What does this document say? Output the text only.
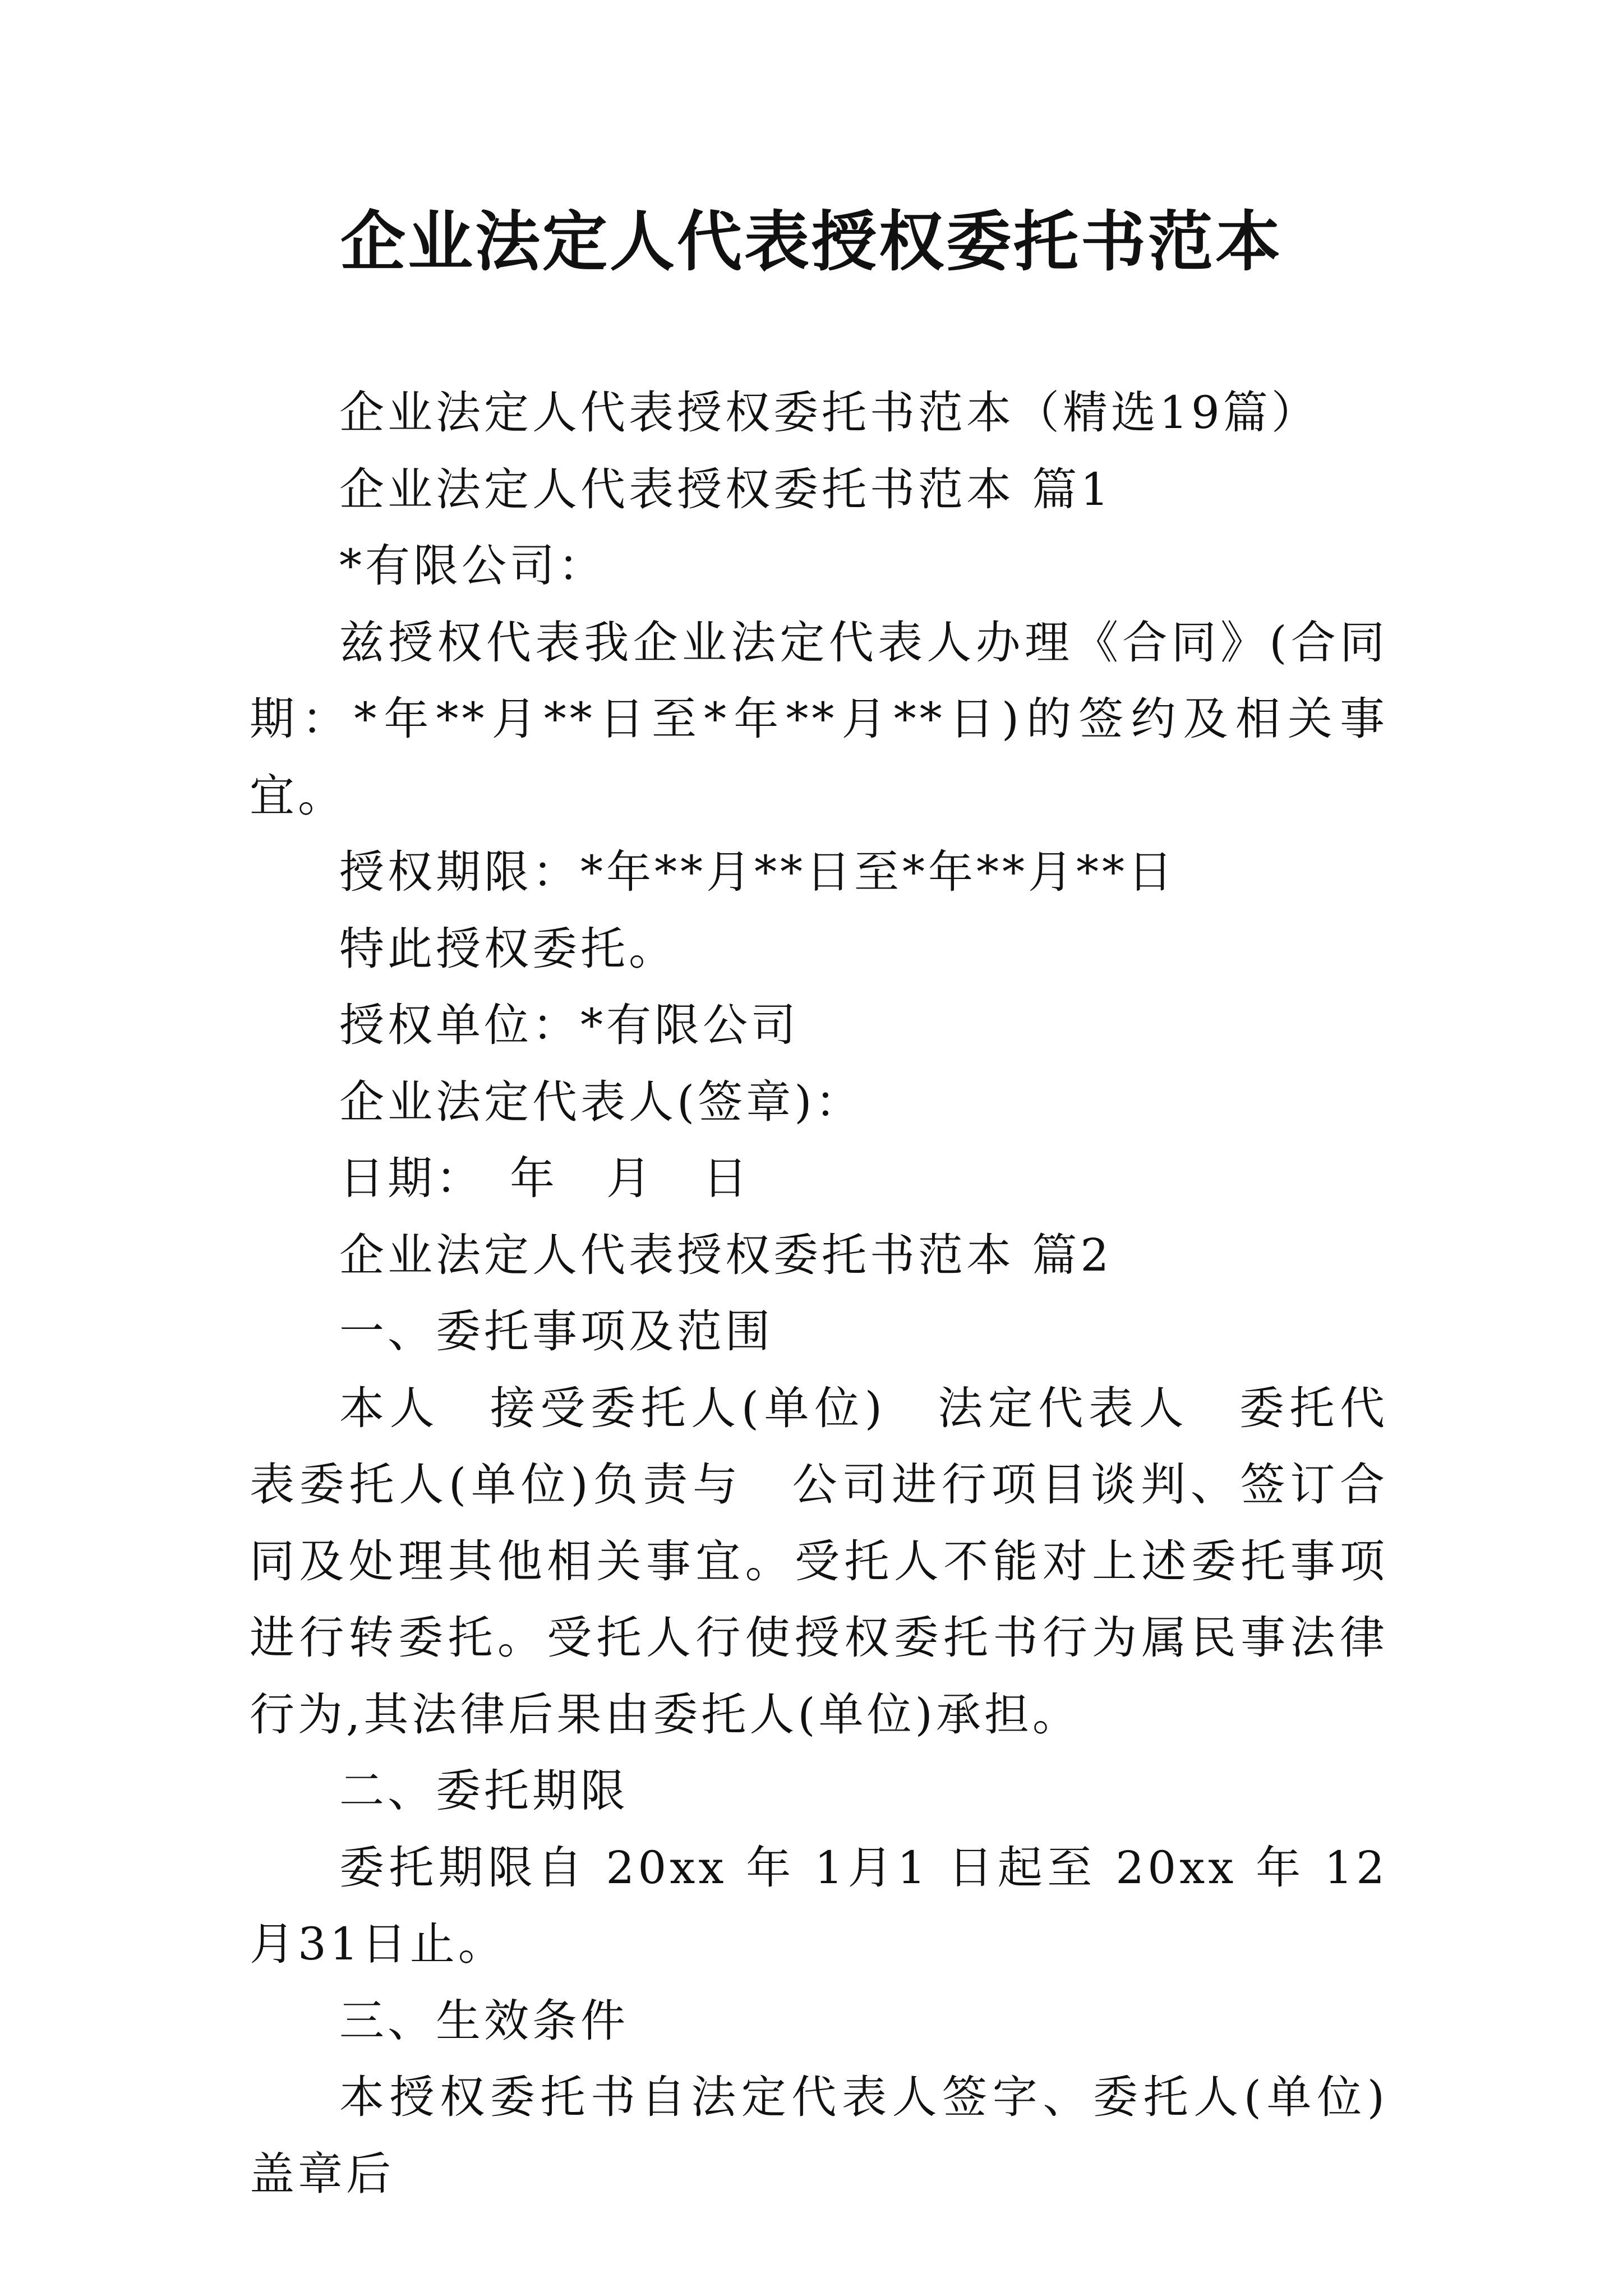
企业法定人代表授权委托书范本

企业法定人代表授权委托书范本（精选19篇）

企业法定人代表授权委托书范本 篇1

*有限公司：

兹授权代表我企业法定代表人办理《合同》(合同期：*年**月**日至*年**月**日)的签约及相关事宜。

授权期限：*年**月**日至*年**月**日

特此授权委托。

授权单位：*有限公司

企业法定代表人(签章)：

日期：　年　月　日

企业法定人代表授权委托书范本 篇2

一、委托事项及范围

本人　接受委托人(单位)　法定代表人　委托代表委托人(单位)负责与　公司进行项目谈判、签订合同及处理其他相关事宜。受托人不能对上述委托事项进行转委托。受托人行使授权委托书行为属民事法律行为,其法律后果由委托人(单位)承担。

二、委托期限

委托期限自 20xx 年 1月1 日起至 20xx 年 12月31日止。

三、生效条件

本授权委托书自法定代表人签字、委托人(单位)盖章后
